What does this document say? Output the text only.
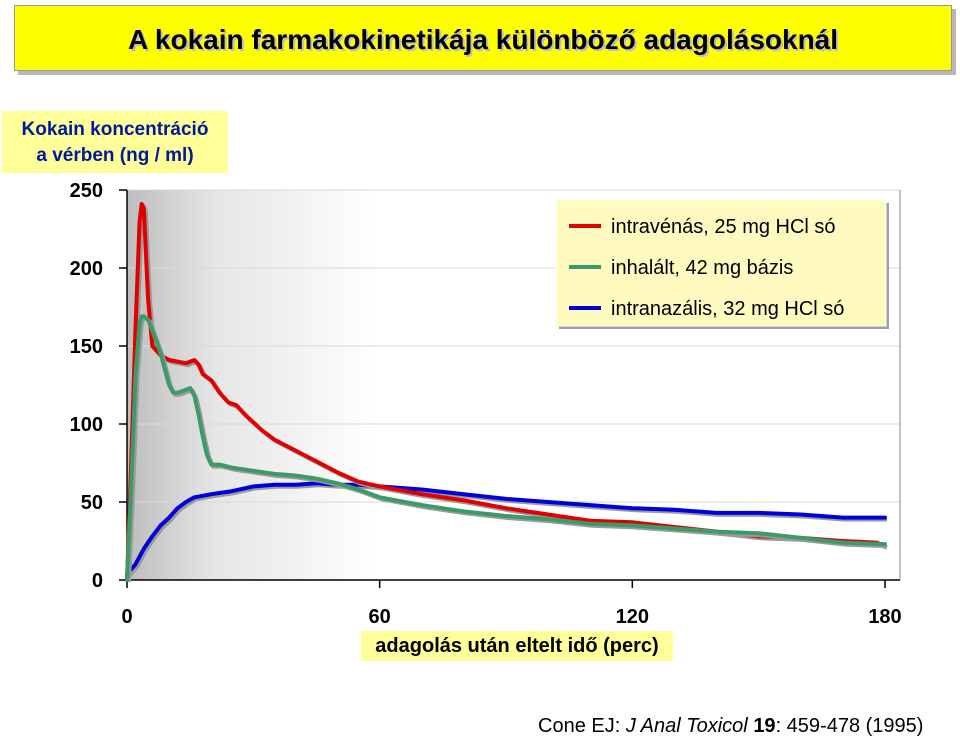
A kokain farmakokinetikája különböző adagolásoknál
Kokain koncentráció
a vérben (ng / ml)
0
50
100
150
200
250
0	60	120	180
intravénás, 25 mg HCl só
inhalált, 42 mg bázis
intranazális, 32 mg HCl só
adagolás után eltelt idő (perc)
Cone EJ: J Anal Toxicol 19: 459-478 (1995)
